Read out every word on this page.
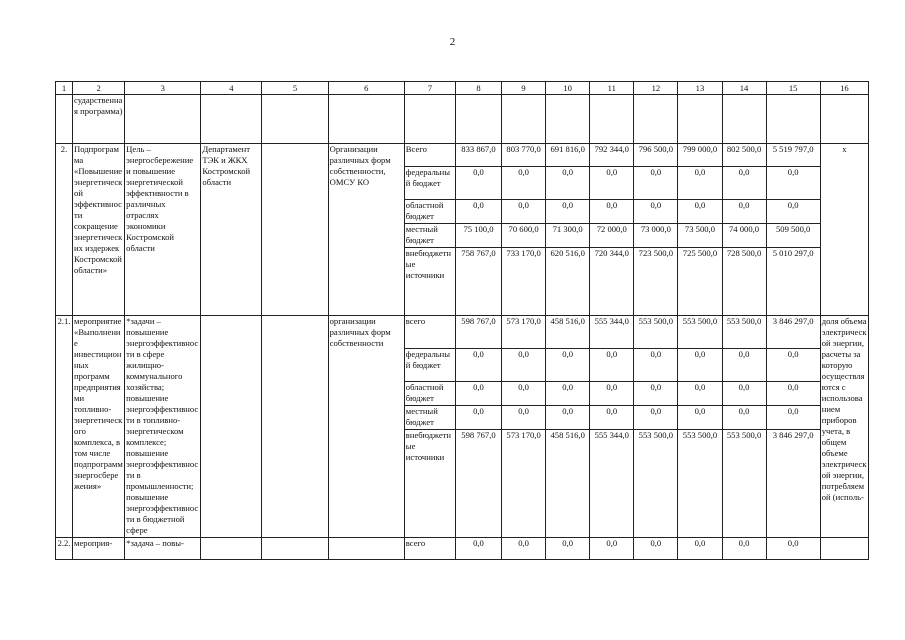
2
1	2	3	4	5	6	7	8	9	10	11	12	13	14	15	16
	сударственная программа)														
2.	Подпрограмма «Повышение энергетической эффективности сокращение энергетических издержек Костромской области»	Цель – энергосбережение и повышение энергетической эффективности в различных отраслях экономики Костромской области	Департамент ТЭК и ЖКХ Костромской области		Организации различных форм собственности, ОМСУ КО	Всего	833 867,0	803 770,0	691 816,0	792 344,0	796 500,0	799 000,0	802 500,0	5 519 797,0	x
						федеральный бюджет	0,0	0,0	0,0	0,0	0,0	0,0	0,0	0,0	
						областной бюджет	0,0	0,0	0,0	0,0	0,0	0,0	0,0	0,0	
						местный бюджет	75 100,0	70 600,0	71 300,0	72 000,0	73 000,0	73 500,0	74 000,0	509 500,0	
						внебюджетные источники	758 767,0	733 170,0	620 516,0	720 344,0	723 500,0	725 500,0	728 500,0	5 010 297,0	
2.1.	мероприятие «Выполнение инвестиционных программ предприятиями топливно-энергетического комплекса, в том числе подпрограмм энергосбережения»	*задачи – повышение энергоэффективности в сфере жилищно-коммунального хозяйства; повышение энергоэффективности в топливно-энергетическом комплексе; повышение энергоэффективности в промышленности; повышение энергоэффективности в бюджетной сфере			организации различных форм собственности	всего	598 767,0	573 170,0	458 516,0	555 344,0	553 500,0	553 500,0	553 500,0	3 846 297,0	доля объема электрической энергии, расчеты за которую осуществляются с использованием приборов учета, в общем объеме электрической энергии, потребляемой (исполь-
						федеральный бюджет	0,0	0,0	0,0	0,0	0,0	0,0	0,0	0,0	
						областной бюджет	0,0	0,0	0,0	0,0	0,0	0,0	0,0	0,0	
						местный бюджет	0,0	0,0	0,0	0,0	0,0	0,0	0,0	0,0	
						внебюджетные источники	598 767,0	573 170,0	458 516,0	555 344,0	553 500,0	553 500,0	553 500,0	3 846 297,0	
2.2.	мероприя-	*задача – повы-				всего	0,0	0,0	0,0	0,0	0,0	0,0	0,0	0,0	
